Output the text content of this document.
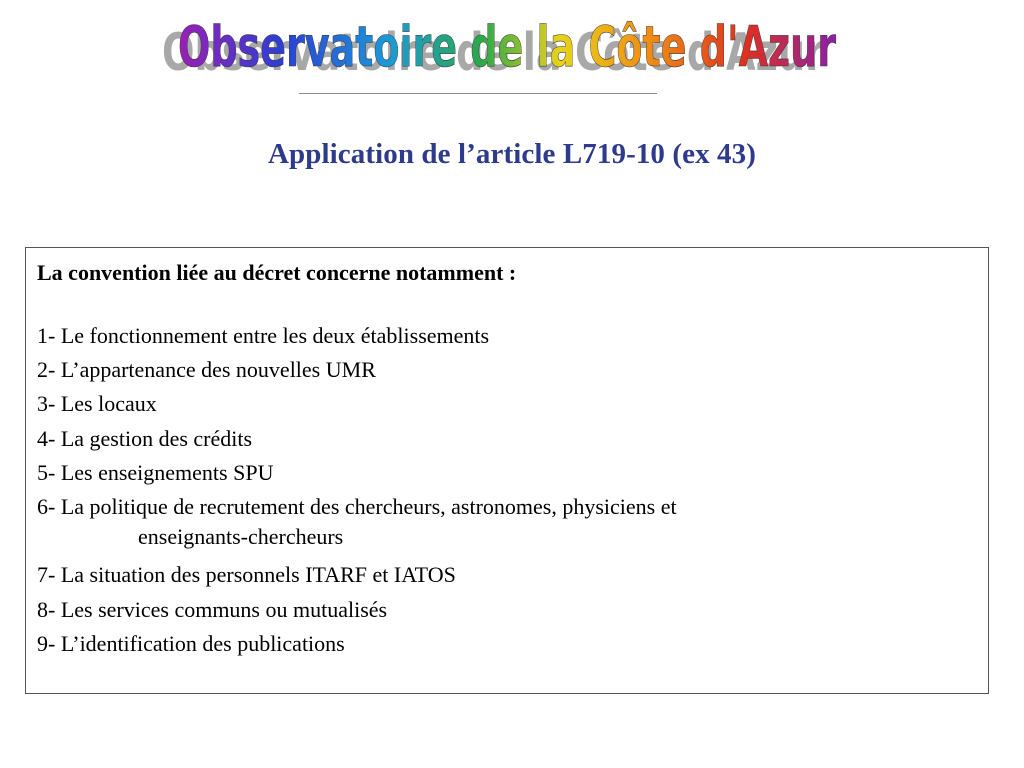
Observatoire de la Côte d'Azur
Observatoire de la Côte d'Azur
Application de l’article L719-10 (ex 43)
La convention liée au décret concerne notamment :
1- Le fonctionnement entre les deux établissements
2- L’appartenance des nouvelles UMR
3- Les locaux
4- La gestion des crédits
5- Les enseignements SPU
6- La politique de recrutement des chercheurs, astronomes, physiciens et
enseignants-chercheurs
7- La situation des personnels ITARF et IATOS
8- Les services communs ou mutualisés
9- L’identification des publications
